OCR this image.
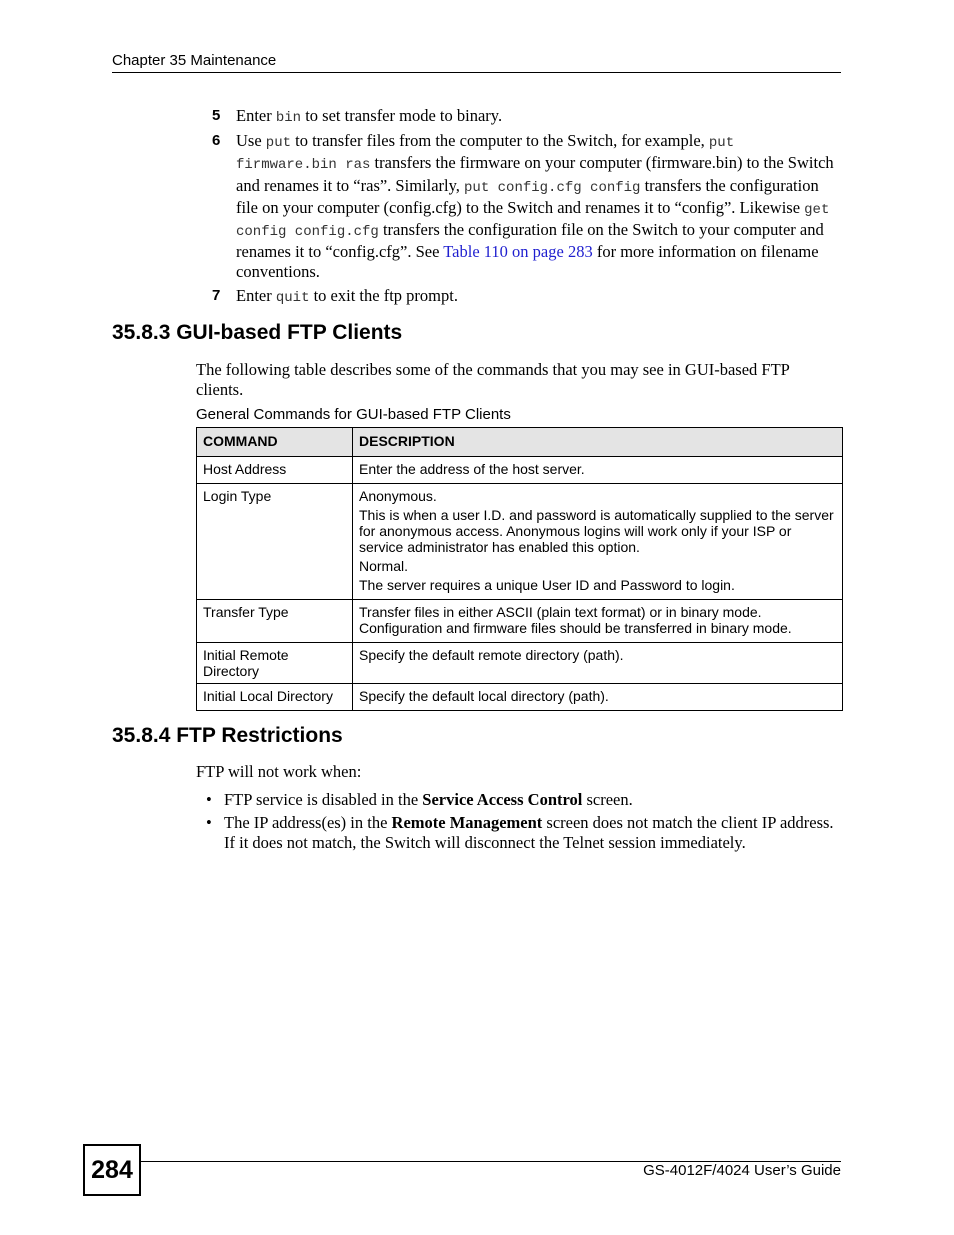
Chapter 35 Maintenance
5 Enter bin to set transfer mode to binary.
6 Use put to transfer files from the computer to the Switch, for example, put firmware.bin ras transfers the firmware on your computer (firmware.bin) to the Switch and renames it to “ras”. Similarly, put config.cfg config transfers the configuration file on your computer (config.cfg) to the Switch and renames it to “config”. Likewise get config config.cfg transfers the configuration file on the Switch to your computer and renames it to “config.cfg”. See Table 110 on page 283 for more information on filename conventions.
7 Enter quit to exit the ftp prompt.
35.8.3 GUI-based FTP Clients
The following table describes some of the commands that you may see in GUI-based FTP clients.
General Commands for GUI-based FTP Clients
COMMAND	DESCRIPTION
Host Address	Enter the address of the host server.

Login Type	Anonymous.

This is when a user I.D. and password is automatically supplied to the server for anonymous access. Anonymous logins will work only if your ISP or service administrator has enabled this option.

Normal.

The server requires a unique User ID and Password to login.

Transfer Type	Transfer files in either ASCII (plain text format) or in binary mode. Configuration and firmware files should be transferred in binary mode.

Initial Remote Directory	Specify the default remote directory (path).

Initial Local Directory	Specify the default local directory (path).

35.8.4 FTP Restrictions
FTP will not work when:
• FTP service is disabled in the Service Access Control screen.
• The IP address(es) in the Remote Management screen does not match the client IP address. If it does not match, the Switch will disconnect the Telnet session immediately.
284	GS-4012F/4024 User’s Guide
